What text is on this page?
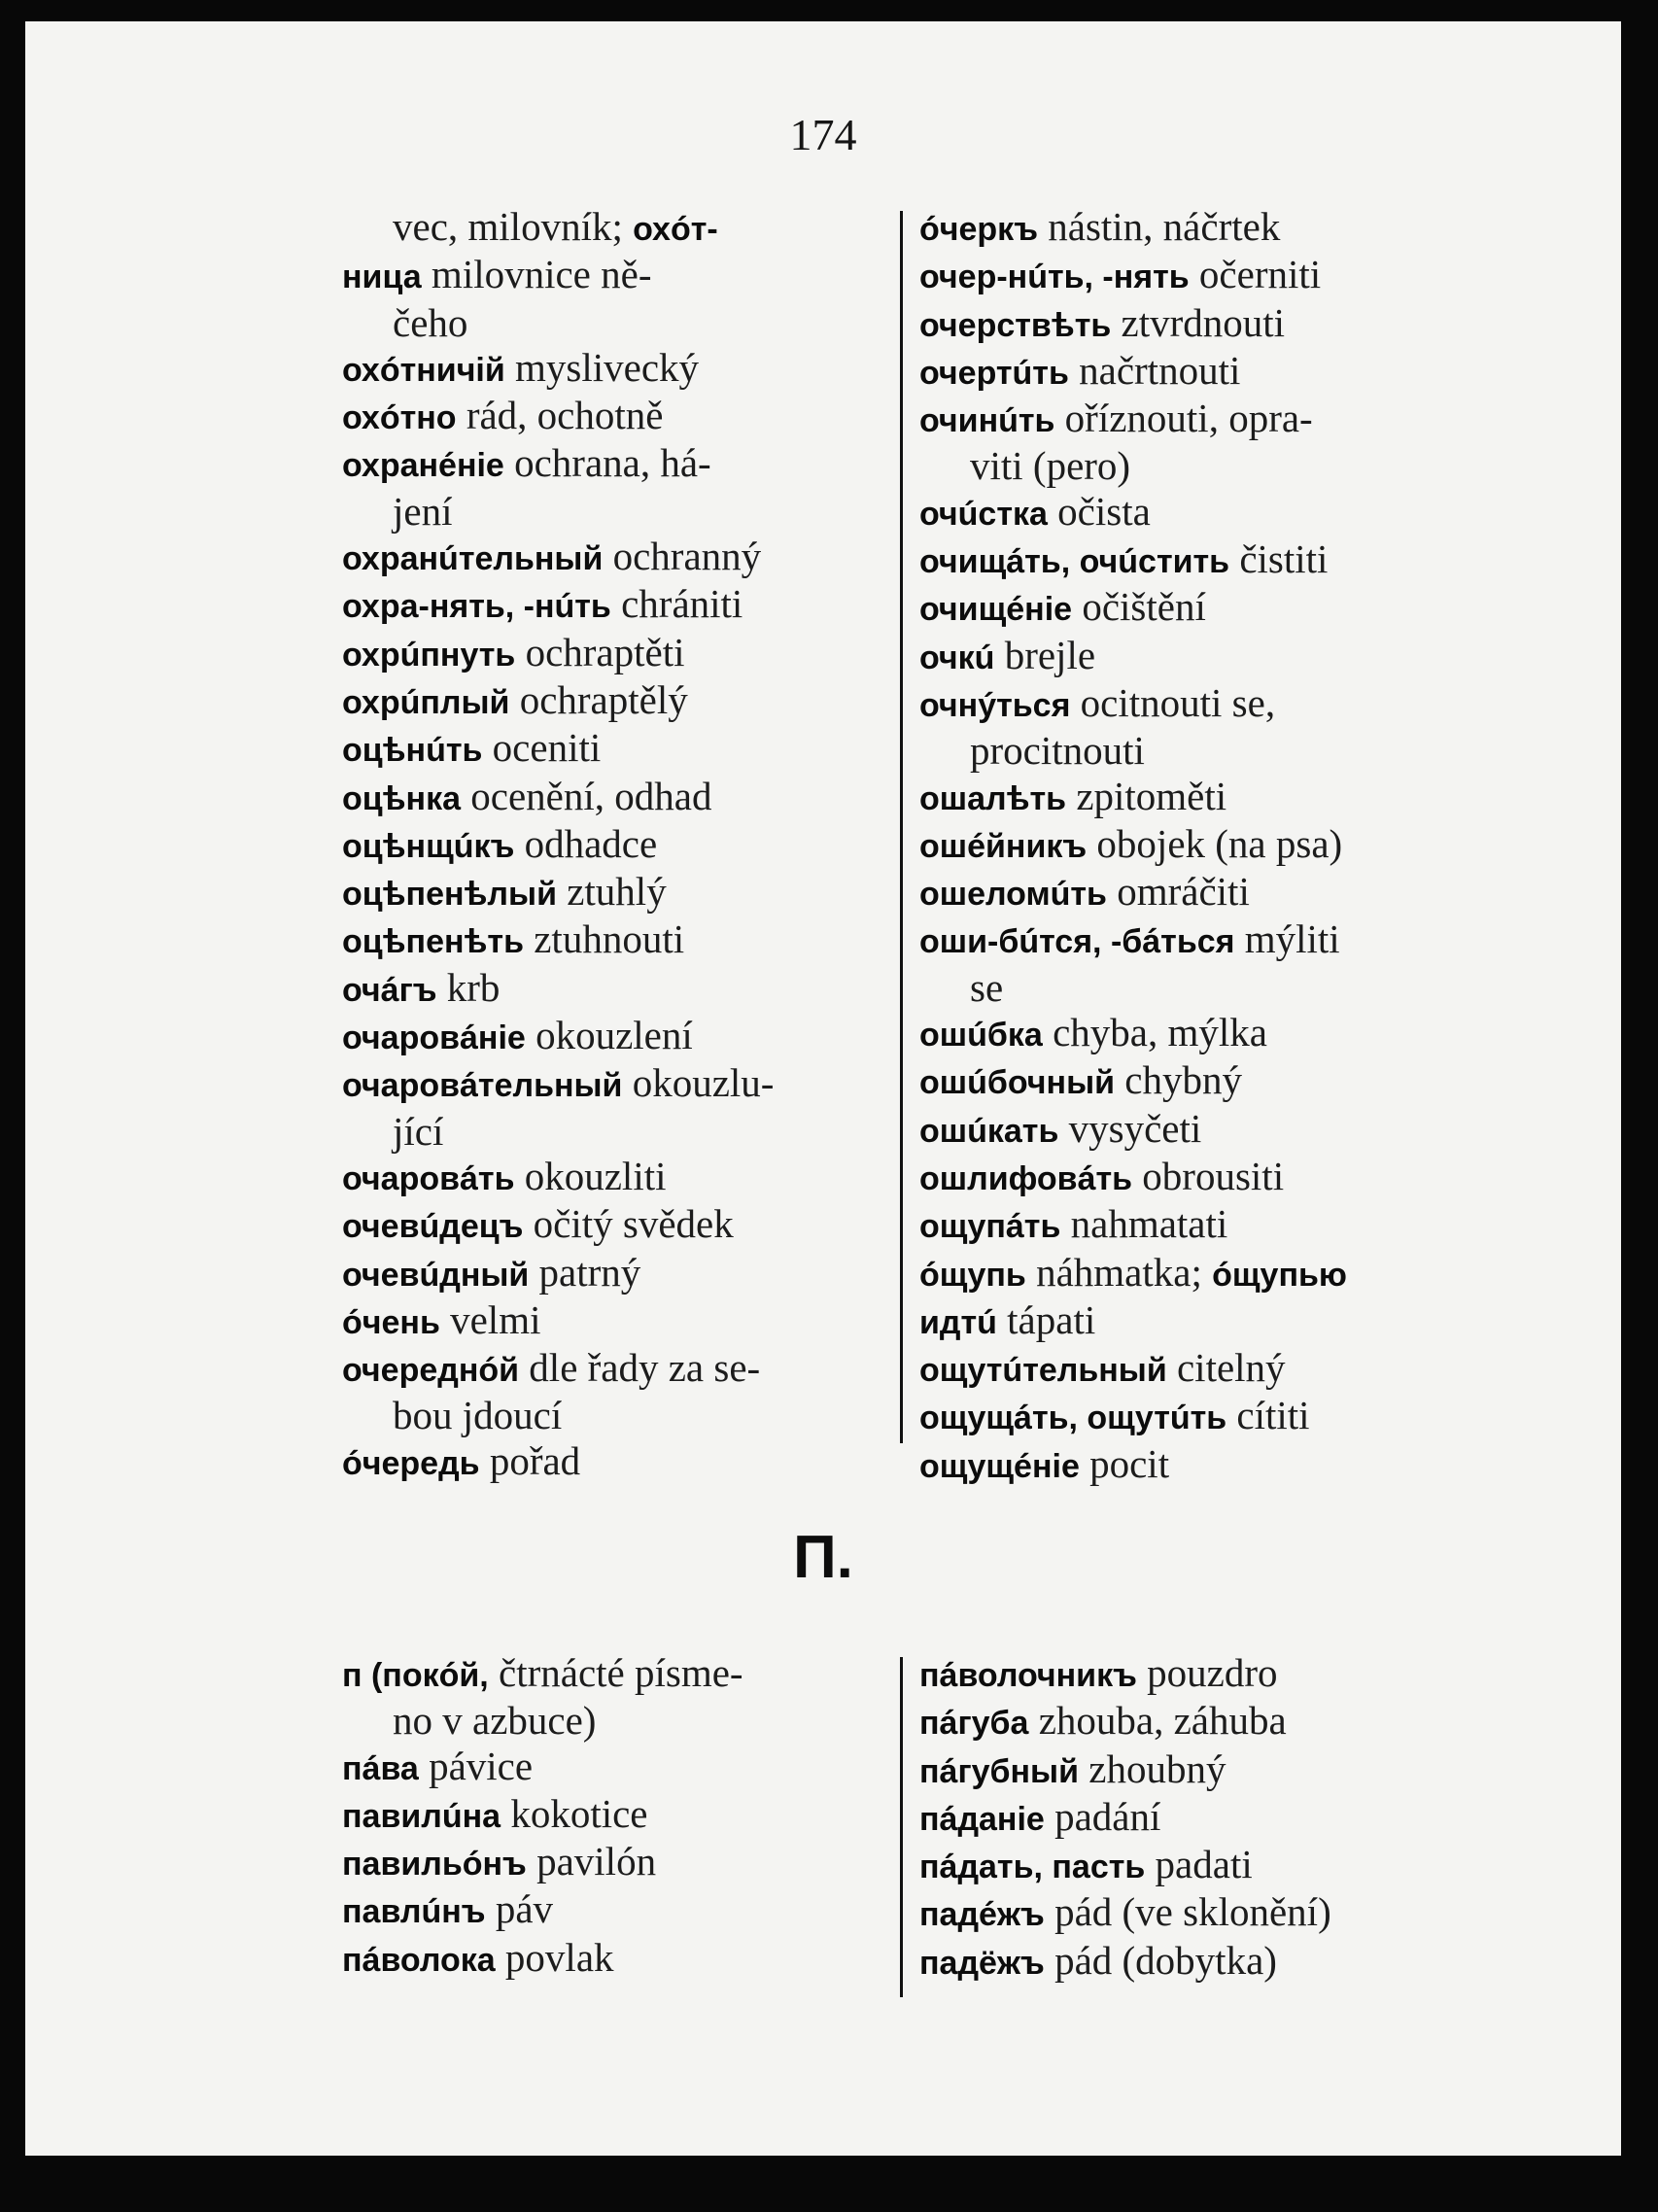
174
vec, milovník; охóт-
ница milovnice ně-
čeho
охóтничій myslivecký
охóтно rád, ochotně
охранéніе ochrana, há-
jení
охранúтельный ochranný
охра-нять, -нúть chrániti
охрúпнуть ochraptěti
охрúплый ochraptělý
оцѣнúть oceniti
оцѣнка ocenění, odhad
оцѣнщúкъ odhadce
оцѣпенѣлый ztuhlý
оцѣпенѣть ztuhnouti
очáгъ krb
очаровáніе okouzlení
очаровáтельный okouzlu-
jící
очаровáть okouzliti
очевúдецъ očitý svědek
очевúдный patrný
óчень velmi
очереднóй dle řady za se-
bou jdoucí
óчередь pořad
óчеркъ nástin, náčrtek
очер-нúть, -нять očerniti
очерствѣть ztvrdnouti
очертúть načrtnouti
очинúть oříznouti, opra-
viti (pero)
очúстка očista
очищáть, очúстить čistiti
очищéніе očištění
очкú brejle
очнýться ocitnouti se,
procitnouti
ошалѣть zpitoměti
ошéйникъ obojek (na psa)
ошеломúть omráčiti
оши-бúтся, -бáться mýliti
se
ошúбка chyba, mýlka
ошúбочный chybný
ошúкать vysyčeti
ошлифовáть obrousiti
ощупáть nahmatati
óщупь náhmatka; óщупью
идтú tápati
ощутúтельный citelný
ощущáть, ощутúть cítiti
ощущéніе pocit
П.
п (покóй, čtrnácté písme-
no v azbuce)
пáва pávice
павилúна kokotice
павильóнъ pavilón
павлúнъ páv
пáволока povlak
пáволочникъ pouzdro
пáгуба zhouba, záhuba
пáгубный zhoubný
пáданіе padání
пáдать, пасть padati
падéжъ pád (ve sklonění)
падёжъ pád (dobytka)
